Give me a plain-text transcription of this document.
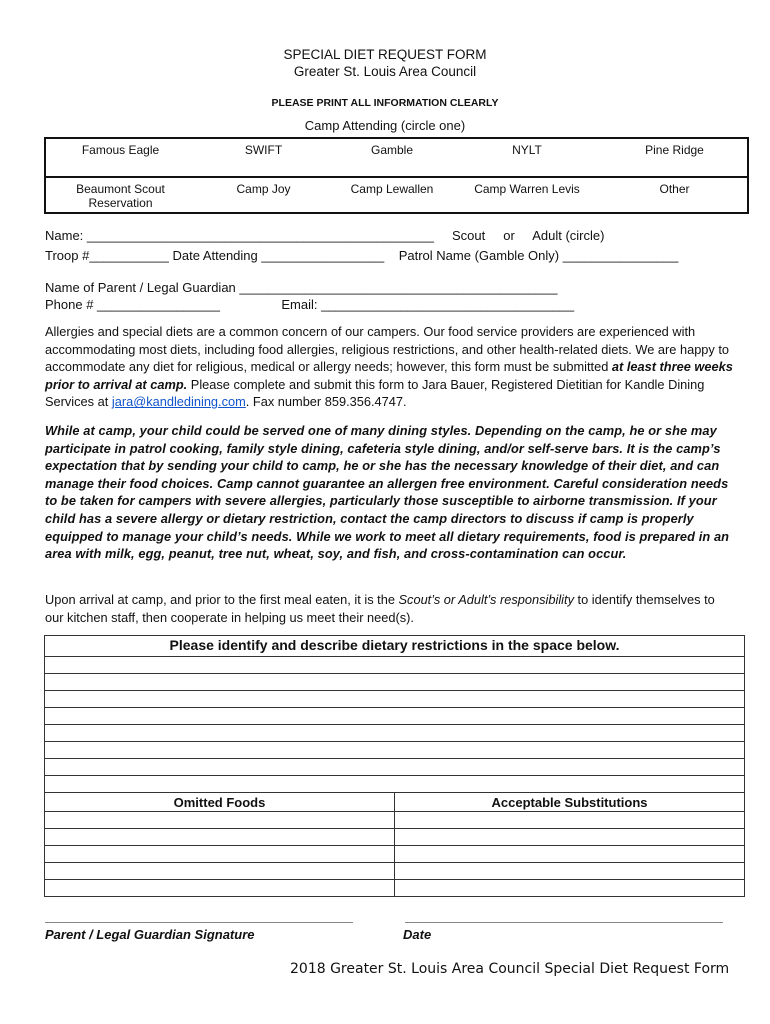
SPECIAL DIET REQUEST FORM
Greater St. Louis Area Council
PLEASE PRINT ALL INFORMATION CLEARLY
Camp Attending (circle one)
Famous Eagle	SWIFT	Gamble	NYLT	Pine Ridge
Beaumont Scout
Reservation	Camp Joy	Camp Lewallen	Camp Warren Levis	Other
Name: ________________________________________________     Scout     or     Adult (circle)
Troop #___________ Date Attending _________________    Patrol Name (Gamble Only) ________________
Name of Parent / Legal Guardian ____________________________________________
Phone # _________________                 Email: ___________________________________
Allergies and special diets are a common concern of our campers. Our food service providers are experienced with accommodating most diets, including food allergies, religious restrictions, and other health-related diets. We are happy to accommodate any diet for religious, medical or allergy needs; however, this form must be submitted at least three weeks prior to arrival at camp. Please complete and submit this form to Jara Bauer, Registered Dietitian for Kandle Dining Services at jara@kandledining.com. Fax number 859.356.4747.
While at camp, your child could be served one of many dining styles. Depending on the camp, he or she may participate in patrol cooking, family style dining, cafeteria style dining, and/or self-serve bars. It is the camp’s expectation that by sending your child to camp, he or she has the necessary knowledge of their diet, and can manage their food choices. Camp cannot guarantee an allergen free environment. Careful consideration needs to be taken for campers with severe allergies, particularly those susceptible to airborne transmission. If your child has a severe allergy or dietary restriction, contact the camp directors to discuss if camp is properly equipped to manage your child’s needs. While we work to meet all dietary requirements, food is prepared in an area with milk, egg, peanut, tree nut, wheat, soy, and fish, and cross-contamination can occur.
Upon arrival at camp, and prior to the first meal eaten, it is the Scout’s or Adult’s responsibility to identify themselves to our kitchen staff, then cooperate in helping us meet their need(s).
Please identify and describe dietary restrictions in the space below.	

Omitted Foods	Acceptable Substitutions

Parent / Legal Guardian Signature	Date
2018 Greater St. Louis Area Council Special Diet Request Form
